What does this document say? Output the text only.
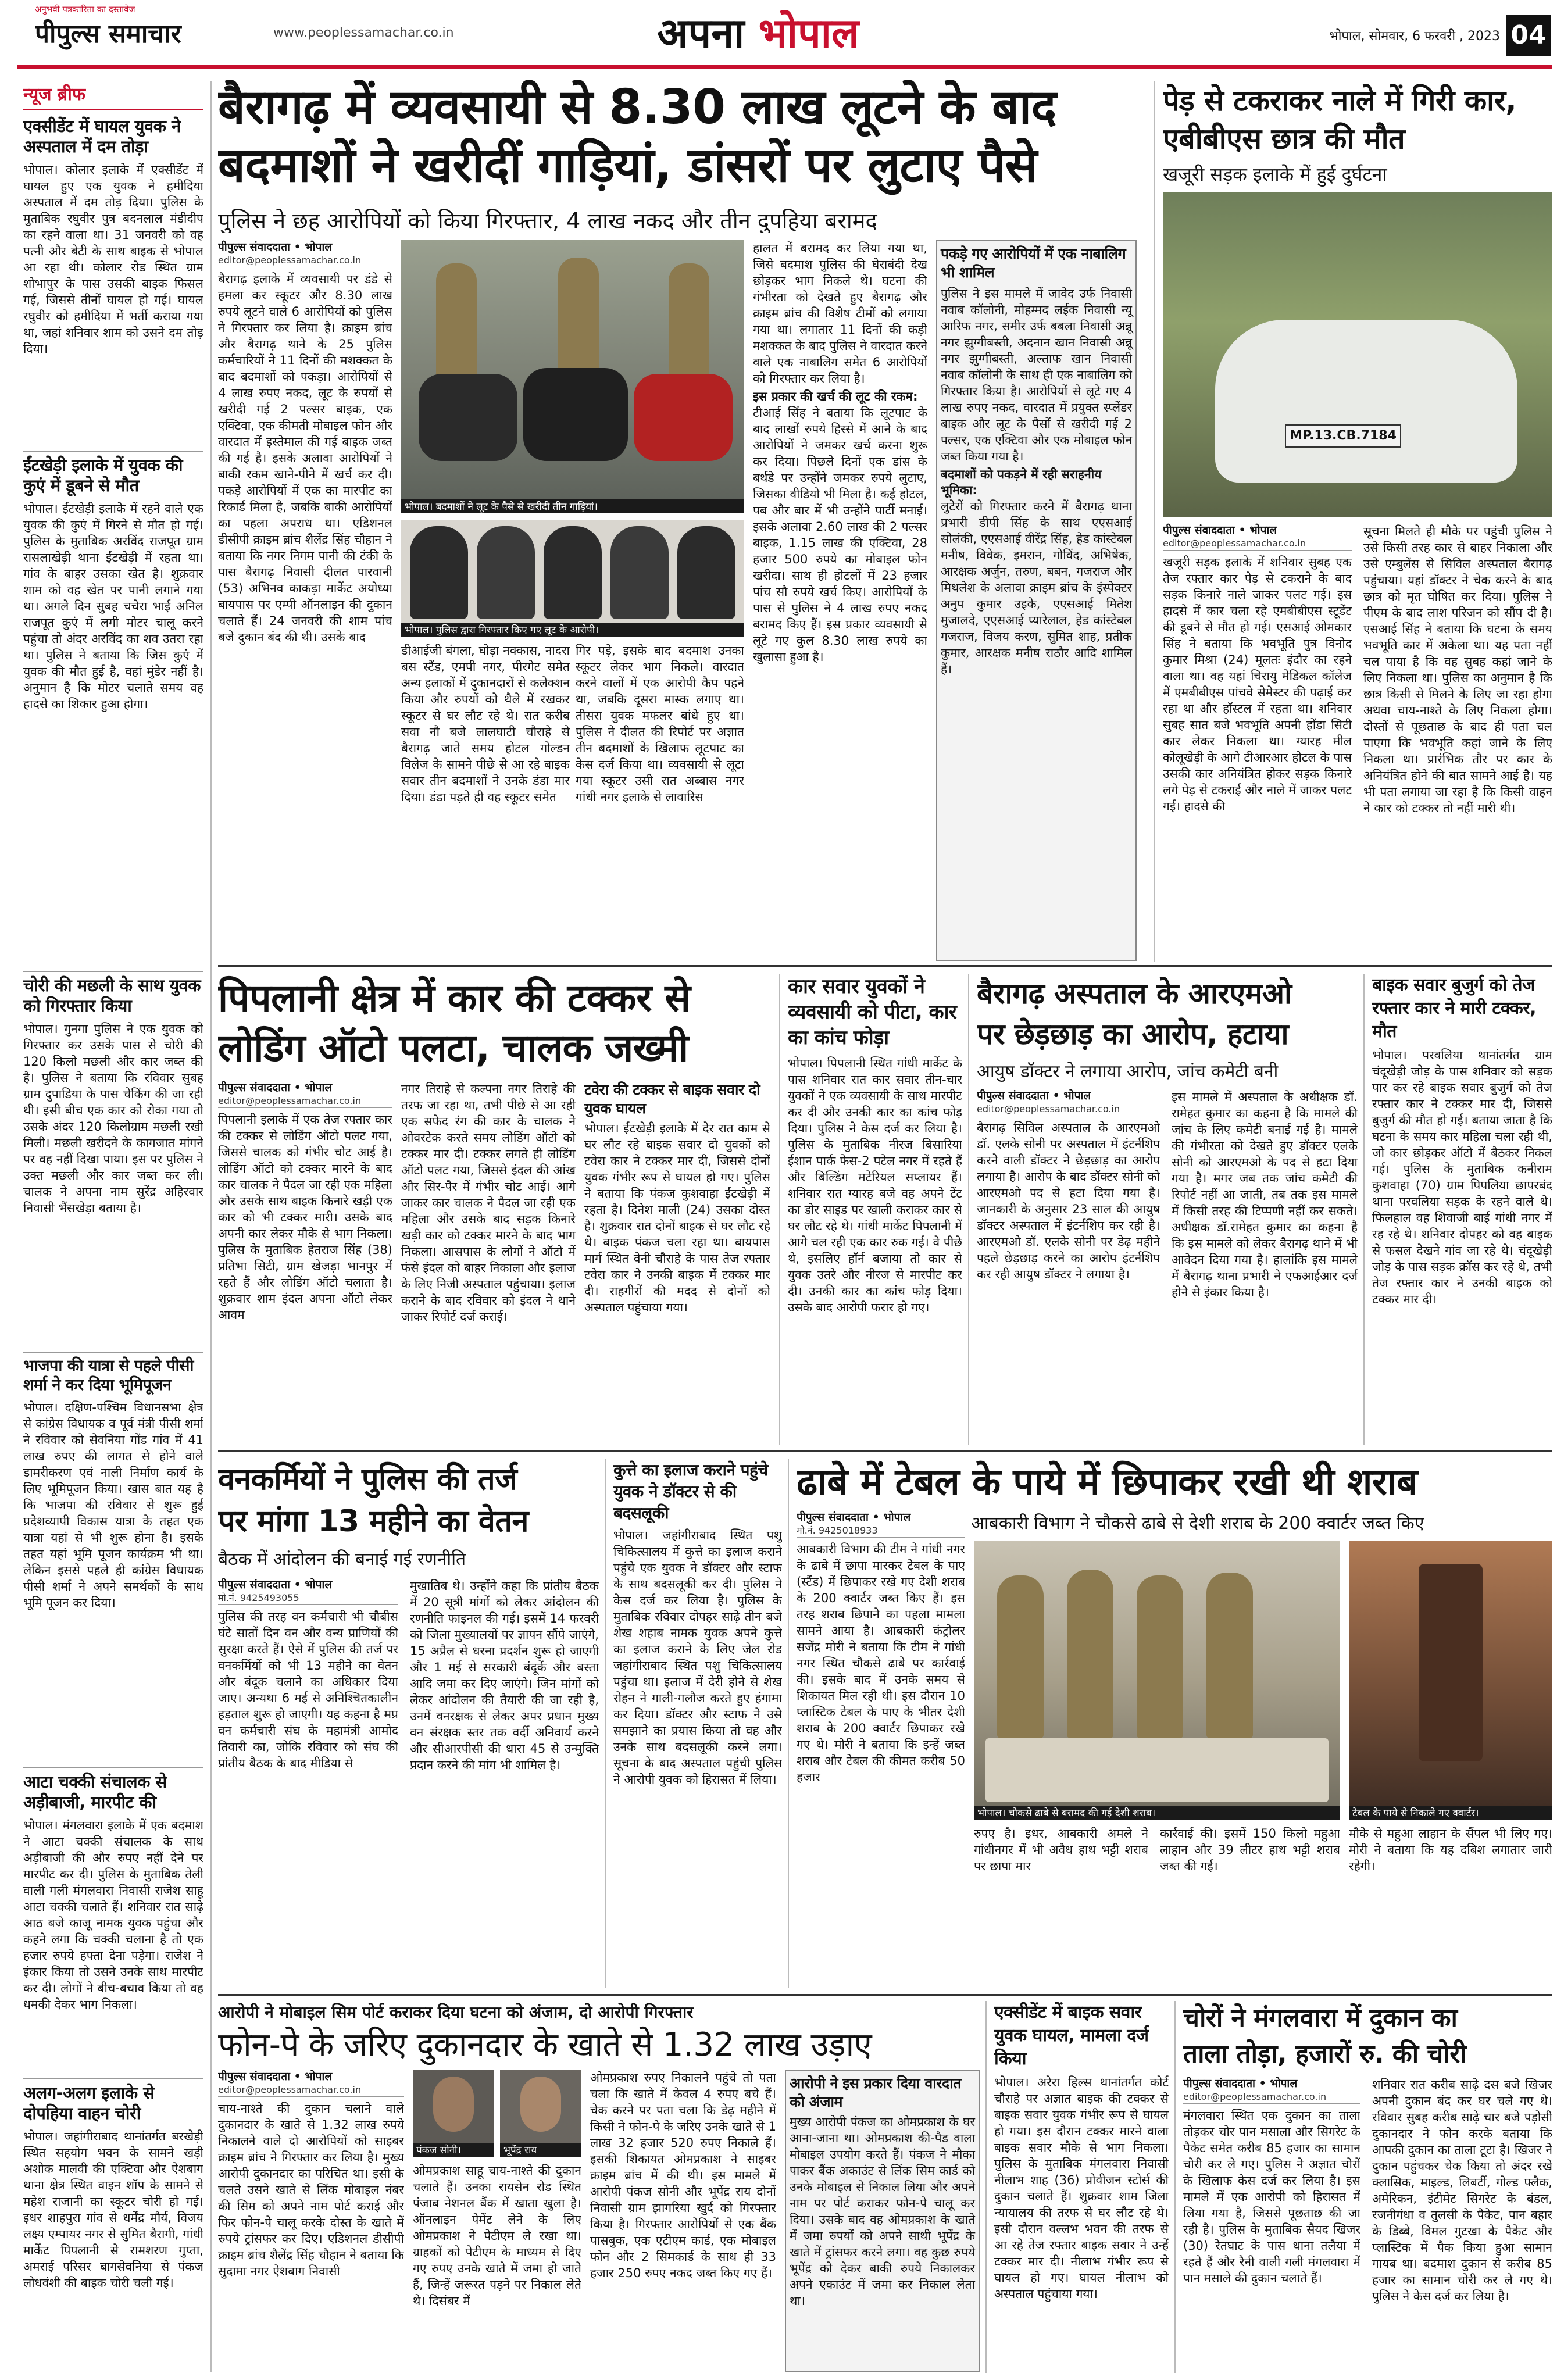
अनुभवी पत्रकारिता का दस्तावेज
पीपुल्स समाचार	www.peoplessamachar.co.in	अपना भोपाल	भोपाल, सोमवार, 6 फरवरी , 2023 04
न्यूज ब्रीफ
एक्सीडेंट में घायल युवक ने अस्पताल में दम तोड़ा

भोपाल। कोलार इलाके में एक्सीडेंट में घायल हुए एक युवक ने हमीदिया अस्पताल में दम तोड़ दिया। पुलिस के मुताबिक रघुवीर पुत्र बदनलाल मंडीदीप का रहने वाला था। 31 जनवरी को वह पत्नी और बेटी के साथ बाइक से भोपाल आ रहा थी। कोलार रोड स्थित ग्राम शोभापुर के पास उसकी बाइक फिसल गई, जिससे तीनों घायल हो गई। घायल रघुवीर को हमीदिया में भर्ती कराया गया था, जहां शनिवार शाम को उसने दम तोड़ दिया।

ईंटखेड़ी इलाके में युवक की कुएं में डूबने से मौत

भोपाल। ईंटखेड़ी इलाके में रहने वाले एक युवक की कुएं में गिरने से मौत हो गई। पुलिस के मुताबिक अरविंद राजपूत ग्राम रासलाखेड़ी थाना ईंटखेड़ी में रहता था। गांव के बाहर उसका खेत है। शुक्रवार शाम को वह खेत पर पानी लगाने गया था। अगले दिन सुबह चचेरा भाई अनिल राजपूत कुएं में लगी मोटर चालू करने पहुंचा तो अंदर अरविंद का शव उतरा रहा था। पुलिस ने बताया कि जिस कुएं में युवक की मौत हुई है, वहां मुंडेर नहीं है। अनुमान है कि मोटर चलाते समय वह हादसे का शिकार हुआ होगा।

चोरी की मछली के साथ युवक को गिरफ्तार किया

भोपाल। गुनगा पुलिस ने एक युवक को गिरफ्तार कर उसके पास से चोरी की 120 किलो मछली और कार जब्त की है। पुलिस ने बताया कि रविवार सुबह ग्राम दुपाडिया के पास चेकिंग की जा रही थी। इसी बीच एक कार को रोका गया तो उसके अंदर 120 किलोग्राम मछली रखी मिली। मछली खरीदने के कागजात मांगने पर वह नहीं दिखा पाया। इस पर पुलिस ने उक्त मछली और कार जब्त कर ली। चालक ने अपना नाम सुरेंद्र अहिरवार निवासी भैंसखेड़ा बताया है।

भाजपा की यात्रा से पहले पीसी शर्मा ने कर दिया भूमिपूजन

भोपाल। दक्षिण-पश्चिम विधानसभा क्षेत्र से कांग्रेस विधायक व पूर्व मंत्री पीसी शर्मा ने रविवार को सेवनिया गोंड गांव में 41 लाख रुपए की लागत से होने वाले डामरीकरण एवं नाली निर्माण कार्य के लिए भूमिपूजन किया। खास बात यह है कि भाजपा की रविवार से शुरू हुई प्रदेशव्यापी विकास यात्रा के तहत एक यात्रा यहां से भी शुरू होना है। इसके तहत यहां भूमि पूजन कार्यक्रम भी था। लेकिन इससे पहले ही कांग्रेस विधायक पीसी शर्मा ने अपने समर्थकों के साथ भूमि पूजन कर दिया।

आटा चक्की संचालक से अड़ीबाजी, मारपीट की

भोपाल। मंगलवारा इलाके में एक बदमाश ने आटा चक्की संचालक के साथ अड़ीबाजी की और रुपए नहीं देने पर मारपीट कर दी। पुलिस के मुताबिक तेली वाली गली मंगलवारा निवासी राजेश साहू आटा चक्की चलाते हैं। शनिवार रात साढ़े आठ बजे काजू नामक युवक पहुंचा और कहने लगा कि चक्की चलाना है तो एक हजार रुपये हफ्ता देना पड़ेगा। राजेश ने इंकार किया तो उसने उनके साथ मारपीट कर दी। लोगों ने बीच-बचाव किया तो वह धमकी देकर भाग निकला।

अलग-अलग इलाके से दोपहिया वाहन चोरी

भोपाल। जहांगीराबाद थानांतर्गत बरखेड़ी स्थित सहयोग भवन के सामने खड़ी अशोक मालवी की एक्टिवा और ऐशबाग थाना क्षेत्र स्थित वाइन शॉप के सामने से महेश राजानी का स्कूटर चोरी हो गई। इधर शाहपुरा गांव से धर्मेंद्र मौर्य, विजय लक्ष्य एम्पायर नगर से सुमित बैरागी, गांधी मार्केट पिपलानी से रामशरण गुप्ता, अमराई परिसर बागसेवनिया से पंकज लोधवंशी की बाइक चोरी चली गई।

बैरागढ़ में व्यवसायी से 8.30 लाख लूटने के बाद
बदमाशों ने खरीदीं गाड़ियां, डांसरों पर लुटाए पैसे
पुलिस ने छह आरोपियों को किया गिरफ्तार, 4 लाख नकद और तीन दुपहिया बरामद
पीपुल्स संवाददाता • भोपाल
editor@peoplessamachar.co.in

बैरागढ़ इलाके में व्यवसायी पर डंडे से हमला कर स्कूटर और 8.30 लाख रुपये लूटने वाले 6 आरोपियों को पुलिस ने गिरफ्तार कर लिया है। क्राइम ब्रांच और बैरागढ़ थाने के 25 पुलिस कर्मचारियों ने 11 दिनों की मशक्कत के बाद बदमाशों को पकड़ा। आरोपियों से 4 लाख रुपए नकद, लूट के रुपयों से खरीदी गई 2 पल्सर बाइक, एक एक्टिवा, एक कीमती मोबाइल फोन और वारदात में इस्तेमाल की गई बाइक जब्त की गई है। इसके अलावा आरोपियों ने बाकी रकम खाने-पीने में खर्च कर दी। पकड़े आरोपियों में एक का मारपीट का रिकार्ड मिला है, जबकि बाकी आरोपियों का पहला अपराध था। एडिशनल डीसीपी क्राइम ब्रांच शैलेंद्र सिंह चौहान ने बताया कि नगर निगम पानी की टंकी के पास बैरागढ़ निवासी दीलत पारवानी (53) अभिनव काकड़ा मार्केट अयोध्या बायपास पर एम्पी ऑनलाइन की दुकान चलाते हैं। 24 जनवरी की शाम पांच बजे दुकान बंद की थी। उसके बाद

भोपाल। बदमाशों ने लूट के पैसे से खरीदी तीन गाड़ियां।
भोपाल। पुलिस द्वारा गिरफ्तार किए गए लूट के आरोपी।

डीआईजी बंगला, घोड़ा नक्कास, नादरा बस स्टैंड, एमपी नगर, पीरगेट समेत अन्य इलाकों में दुकानदारों से कलेक्शन किया और रुपयों को थैले में रखकर स्कूटर से घर लौट रहे थे। रात करीब सवा नौ बजे लालघाटी चौराहे से बैरागढ़ जाते समय होटल गोल्डन विलेज के सामने पीछे से आ रहे बाइक सवार तीन बदमाशों ने उनके डंडा मार दिया। डंडा पड़ते ही वह स्कूटर समेत

गिर पड़े, इसके बाद बदमाश उनका स्कूटर लेकर भाग निकले। वारदात करने वालों में एक आरोपी कैप पहने था, जबकि दूसरा मास्क लगाए था। तीसरा युवक मफलर बांधे हुए था। पुलिस ने दीलत की रिपोर्ट पर अज्ञात तीन बदमाशों के खिलाफ लूटपाट का केस दर्ज किया था। व्यवसायी से लूटा गया स्कूटर उसी रात अब्बास नगर गांधी नगर इलाके से लावारिस

हालत में बरामद कर लिया गया था, जिसे बदमाश पुलिस की घेराबंदी देख छोड़कर भाग निकले थे। घटना की गंभीरता को देखते हुए बैरागढ़ और क्राइम ब्रांच की विशेष टीमों को लगाया गया था। लगातार 11 दिनों की कड़ी मशक्कत के बाद पुलिस ने वारदात करने वाले एक नाबालिग समेत 6 आरोपियों को गिरफ्तार कर लिया है।

इस प्रकार की खर्च की लूट की रकम:

टीआई सिंह ने बताया कि लूटपाट के बाद लाखों रुपये हिस्से में आने के बाद आरोपियों ने जमकर खर्च करना शुरू कर दिया। पिछले दिनों एक डांस के बर्थडे पर उन्होंने जमकर रुपये लुटाए, जिसका वीडियो भी मिला है। कई होटल, पब और बार में भी उन्होंने पार्टी मनाई। इसके अलावा 2.60 लाख की 2 पल्सर बाइक, 1.15 लाख की एक्टिवा, 28 हजार 500 रुपये का मोबाइल फोन खरीदा। साथ ही होटलों में 23 हजार पांच सौ रुपये खर्च किए। आरोपियों के पास से पुलिस ने 4 लाख रुपए नकद बरामद किए हैं। इस प्रकार व्यवसायी से लूटे गए कुल 8.30 लाख रुपये का खुलासा हुआ है।

पकड़े गए आरोपियों में एक नाबालिग भी शामिल

पुलिस ने इस मामले में जावेद उर्फ निवासी नवाब कॉलोनी, मोहम्मद लईक निवासी न्यू आरिफ नगर, समीर उर्फ बबला निवासी अन्नू नगर झुग्गीबस्ती, अदनान खान निवासी अन्नू नगर झुग्गीबस्ती, अल्ताफ खान निवासी नवाब कॉलोनी के साथ ही एक नाबालिग को गिरफ्तार किया है। आरोपियों से लूटे गए 4 लाख रुपए नकद, वारदात में प्रयुक्त स्प्लेंडर बाइक और लूट के पैसों से खरीदी गई 2 पल्सर, एक एक्टिवा और एक मोबाइल फोन जब्त किया गया है।

बदमाशों को पकड़ने में रही सराहनीय भूमिका:

लुटेरों को गिरफ्तार करने में बैरागढ़ थाना प्रभारी डीपी सिंह के साथ एएसआई सोलंकी, एएसआई वीरेंद्र सिंह, हेड कांस्टेबल मनीष, विवेक, इमरान, गोविंद, अभिषेक, आरक्षक अर्जुन, तरुण, बबन, गजराज और मिथलेश के अलावा क्राइम ब्रांच के इंस्पेक्टर अनुप कुमार उइके, एएसआई मितेश मुजालदे, एएसआई प्यारेलाल, हेड कांस्टेबल गजराज, विजय करण, सुमित शाह, प्रतीक कुमार, आरक्षक मनीष राठौर आदि शामिल हैं।

पेड़ से टकराकर नाले में गिरी कार, एबीबीएस छात्र की मौत
खजूरी सड़क इलाके में हुई दुर्घटना
MP.13.CB.7184
पीपुल्स संवाददाता • भोपाल
editor@peoplessamachar.co.in

खजूरी सड़क इलाके में शनिवार सुबह एक तेज रफ्तार कार पेड़ से टकराने के बाद सड़क किनारे नाले जाकर पलट गई। इस हादसे में कार चला रहे एमबीबीएस स्टूडेंट की डूबने से मौत हो गई। एसआई ओमकार सिंह ने बताया कि भवभूति पुत्र विनोद कुमार मिश्रा (24) मूलतः इंदौर का रहने वाला था। वह यहां चिरायु मेडिकल कॉलेज में एमबीबीएस पांचवे सेमेस्टर की पढ़ाई कर रहा था और हॉस्टल में रहता था। शनिवार सुबह सात बजे भवभूति अपनी होंडा सिटी कार लेकर निकला था। ग्यारह मील कोलूखेड़ी के आगे टीआरआर होटल के पास उसकी कार अनियंत्रित होकर सड़क किनारे लगे पेड़ से टकराई और नाले में जाकर पलट गई। हादसे की

सूचना मिलते ही मौके पर पहुंची पुलिस ने उसे किसी तरह कार से बाहर निकाला और उसे एम्बुलेंस से सिविल अस्पताल बैरागढ़ पहुंचाया। यहां डॉक्टर ने चेक करने के बाद छात्र को मृत घोषित कर दिया। पुलिस ने पीएम के बाद लाश परिजन को सौंप दी है। एसआई सिंह ने बताया कि घटना के समय भवभूति कार में अकेला था। यह पता नहीं चल पाया है कि वह सुबह कहां जाने के लिए निकला था। पुलिस का अनुमान है कि छात्र किसी से मिलने के लिए जा रहा होगा अथवा चाय-नाश्ते के लिए निकला होगा। दोस्तों से पूछताछ के बाद ही पता चल पाएगा कि भवभूति कहां जाने के लिए निकला था। प्रारंभिक तौर पर कार के अनियंत्रित होने की बात सामने आई है। यह भी पता लगाया जा रहा है कि किसी वाहन ने कार को टक्कर तो नहीं मारी थी।

पिपलानी क्षेत्र में कार की टक्कर से
लोडिंग ऑटो पलटा, चालक जख्मी
पीपुल्स संवाददाता • भोपाल
editor@peoplessamachar.co.in

पिपलानी इलाके में एक तेज रफ्तार कार की टक्कर से लोडिंग ऑटो पलट गया, जिससे चालक को गंभीर चोट आई है। लोडिंग ऑटो को टक्कर मारने के बाद कार चालक ने पैदल जा रही एक महिला और उसके साथ बाइक किनारे खड़ी एक कार को भी टक्कर मारी। उसके बाद अपनी कार लेकर मौके से भाग निकला। पुलिस के मुताबिक हेतराज सिंह (38) प्रतिभा सिटी, ग्राम खेजड़ा भानपुर में रहते हैं और लोडिंग ऑटो चलाता है। शुक्रवार शाम इंदल अपना ऑटो लेकर आवम

नगर तिराहे से कल्पना नगर तिराहे की तरफ जा रहा था, तभी पीछे से आ रही एक सफेद रंग की कार के चालक ने ओवरटेक करते समय लोडिंग ऑटो को टक्कर मार दी। टक्कर लगते ही लोडिंग ऑटो पलट गया, जिससे इंदल की आंख और सिर-पैर में गंभीर चोट आई। आगे जाकर कार चालक ने पैदल जा रही एक महिला और उसके बाद सड़क किनारे खड़ी कार को टक्कर मारने के बाद भाग निकला। आसपास के लोगों ने ऑटो में फंसे इंदल को बाहर निकाला और इलाज के लिए निजी अस्पताल पहुंचाया। इलाज कराने के बाद रविवार को इंदल ने थाने जाकर रिपोर्ट दर्ज कराई।

टवेरा की टक्कर से बाइक सवार दो युवक घायल

भोपाल। ईंटखेड़ी इलाके में देर रात काम से घर लौट रहे बाइक सवार दो युवकों को टवेरा कार ने टक्कर मार दी, जिससे दोनों युवक गंभीर रूप से घायल हो गए। पुलिस ने बताया कि पंकज कुशवाहा ईंटखेड़ी में रहता है। दिनेश माली (24) उसका दोस्त है। शुक्रवार रात दोनों बाइक से घर लौट रहे थे। बाइक पंकज चला रहा था। बायपास मार्ग स्थित वेनी चौराहे के पास तेज रफ्तार टवेरा कार ने उनकी बाइक में टक्कर मार दी। राहगीरों की मदद से दोनों को अस्पताल पहुंचाया गया।

कार सवार युवकों ने व्यवसायी को पीटा, कार का कांच फोड़ा

भोपाल। पिपलानी स्थित गांधी मार्केट के पास शनिवार रात कार सवार तीन-चार युवकों ने एक व्यवसायी के साथ मारपीट कर दी और उनकी कार का कांच फोड़ दिया। पुलिस ने केस दर्ज कर लिया है। पुलिस के मुताबिक नीरज बिसारिया ईशान पार्क फेस-2 पटेल नगर में रहते हैं और बिल्डिंग मटेरियल सप्लायर हैं। शनिवार रात ग्यारह बजे वह अपने टेंट का डोर साइड पर खाली कराकर कार से घर लौट रहे थे। गांधी मार्केट पिपलानी में आगे चल रही एक कार रुक गई। वे पीछे थे, इसलिए हॉर्न बजाया तो कार से युवक उतरे और नीरज से मारपीट कर दी। उनकी कार का कांच फोड़ दिया। उसके बाद आरोपी फरार हो गए।

बैरागढ़ अस्पताल के आरएमओ
पर छेड़छाड़ का आरोप, हटाया
आयुष डॉक्टर ने लगाया आरोप, जांच कमेटी बनी
पीपुल्स संवाददाता • भोपाल
editor@peoplessamachar.co.in

बैरागढ़ सिविल अस्पताल के आरएमओ डॉ. एलके सोनी पर अस्पताल में इंटर्नशिप करने वाली डॉक्टर ने छेड़छाड़ का आरोप लगाया है। आरोप के बाद डॉक्टर सोनी को आरएमओ पद से हटा दिया गया है। जानकारी के अनुसार 23 साल की आयुष डॉक्टर अस्पताल में इंटर्नशिप कर रही है। आरएमओ डॉ. एलके सोनी पर डेढ़ महीने पहले छेड़छाड़ करने का आरोप इंटर्नशिप कर रही आयुष डॉक्टर ने लगाया है।

इस मामले में अस्पताल के अधीक्षक डॉ. रामेहत कुमार का कहना है कि मामले की जांच के लिए कमेटी बनाई गई है। मामले की गंभीरता को देखते हुए डॉक्टर एलके सोनी को आरएमओ के पद से हटा दिया गया है। मगर जब तक जांच कमेटी की रिपोर्ट नहीं आ जाती, तब तक इस मामले में किसी तरह की टिप्पणी नहीं कर सकते। अधीक्षक डॉ.रामेहत कुमार का कहना है कि इस मामले को लेकर बैरागढ़ थाने में भी आवेदन दिया गया है। हालांकि इस मामले में बैरागढ़ थाना प्रभारी ने एफआईआर दर्ज होने से इंकार किया है।

बाइक सवार बुजुर्ग को तेज रफ्तार कार ने मारी टक्कर, मौत

भोपाल। परवलिया थानांतर्गत ग्राम चंदूखेड़ी जोड़ के पास शनिवार को सड़क पार कर रहे बाइक सवार बुजुर्ग को तेज रफ्तार कार ने टक्कर मार दी, जिससे बुजुर्ग की मौत हो गई। बताया जाता है कि घटना के समय कार महिला चला रही थी, जो कार छोड़कर ऑटो में बैठकर निकल गई। पुलिस के मुताबिक कनीराम कुशवाहा (70) ग्राम पिपलिया छापरबंद थाना परवलिया सड़क के रहने वाले थे। फिलहाल वह शिवाजी बाई गांधी नगर में रह रहे थे। शनिवार दोपहर को वह बाइक से फसल देखने गांव जा रहे थे। चंदूखेड़ी जोड़ के पास सड़क क्रॉस कर रहे थे, तभी तेज रफ्तार कार ने उनकी बाइक को टक्कर मार दी।

वनकर्मियों ने पुलिस की तर्ज
पर मांगा 13 महीने का वेतन
बैठक में आंदोलन की बनाई गई रणनीति
पीपुल्स संवाददाता • भोपाल
मो.नं. 9425493055

पुलिस की तरह वन कर्मचारी भी चौबीस घंटे सातों दिन वन और वन्य प्राणियों की सुरक्षा करते हैं। ऐसे में पुलिस की तर्ज पर वनकर्मियों को भी 13 महीने का वेतन और बंदूक चलाने का अधिकार दिया जाए। अन्यथा 6 मई से अनिश्चितकालीन हड़ताल शुरू हो जाएगी। यह कहना है मप्र वन कर्मचारी संघ के महामंत्री आमोद तिवारी का, जोकि रविवार को संघ की प्रांतीय बैठक के बाद मीडिया से

मुखातिब थे। उन्होंने कहा कि प्रांतीय बैठक में 20 सूत्री मांगों को लेकर आंदोलन की रणनीति फाइनल की गई। इसमें 14 फरवरी को जिला मुख्यालयों पर ज्ञापन सौंपे जाएंगे, 15 अप्रैल से धरना प्रदर्शन शुरू हो जाएगी और 1 मई से सरकारी बंदूकें और बस्ता आदि जमा कर दिए जाएंगे। जिन मांगों को लेकर आंदोलन की तैयारी की जा रही है, उनमें वनरक्षक से लेकर अपर प्रधान मुख्य वन संरक्षक स्तर तक वर्दी अनिवार्य करने और सीआरपीसी की धारा 45 से उन्मुक्ति प्रदान करने की मांग भी शामिल है।

कुत्ते का इलाज कराने पहुंचे युवक ने डॉक्टर से की बदसलूकी

भोपाल। जहांगीराबाद स्थित पशु चिकित्सालय में कुत्ते का इलाज कराने पहुंचे एक युवक ने डॉक्टर और स्टाफ के साथ बदसलूकी कर दी। पुलिस ने केस दर्ज कर लिया है। पुलिस के मुताबिक रविवार दोपहर साढ़े तीन बजे शेख शहाब नामक युवक अपने कुत्ते का इलाज कराने के लिए जेल रोड जहांगीराबाद स्थित पशु चिकित्सालय पहुंचा था। इलाज में देरी होने से शेख रोहन ने गाली-गलौज करते हुए हंगामा कर दिया। डॉक्टर और स्टाफ ने उसे समझाने का प्रयास किया तो वह और उनके साथ बदसलूकी करने लगा। सूचना के बाद अस्पताल पहुंची पुलिस ने आरोपी युवक को हिरासत में लिया।

ढाबे में टेबल के पाये में छिपाकर रखी थी शराब
आबकारी विभाग ने चौकसे ढाबे से देशी शराब के 200 क्वार्टर जब्त किए
पीपुल्स संवाददाता • भोपाल
मो.नं. 9425018933

आबकारी विभाग की टीम ने गांधी नगर के ढाबे में छापा मारकर टेबल के पाए (स्टैंड) में छिपाकर रखे गए देशी शराब के 200 क्वार्टर जब्त किए हैं। इस तरह शराब छिपाने का पहला मामला सामने आया है। आबकारी कंट्रोलर सजेंद्र मोरी ने बताया कि टीम ने गांधी नगर स्थित चौकसे ढाबे पर कार्रवाई की। इसके बाद में उनके समय से शिकायत मिल रही थी। इस दौरान 10 प्लास्टिक टेबल के पाए के भीतर देशी शराब के 200 क्वार्टर छिपाकर रखे गए थे। मोरी ने बताया कि इन्हें जब्त शराब और टेबल की कीमत करीब 50 हजार

भोपाल। चौकसे ढाबे से बरामद की गई देशी शराब।	टेबल के पाये से निकाले गए क्वार्टर।

रुपए है। इधर, आबकारी अमले ने गांधीनगर में भी अवैध हाथ भट्टी शराब पर छापा मार

कार्रवाई की। इसमें 150 किलो महुआ लाहान और 39 लीटर हाथ भट्टी शराब जब्त की गई।

मौके से महुआ लाहान के सैंपल भी लिए गए। मोरी ने बताया कि यह दबिश लगातार जारी रहेगी।

आरोपी ने मोबाइल सिम पोर्ट कराकर दिया घटना को अंजाम, दो आरोपी गिरफ्तार
फोन-पे के जरिए दुकानदार के खाते से 1.32 लाख उड़ाए
पीपुल्स संवाददाता • भोपाल
editor@peoplessamachar.co.in

चाय-नाश्ते की दुकान चलाने वाले दुकानदार के खाते से 1.32 लाख रुपये निकालने वाले दो आरोपियों को साइबर क्राइम ब्रांच ने गिरफ्तार कर लिया है। मुख्य आरोपी दुकानदार का परिचित था। इसी के चलते उसने खाते से लिंक मोबाइल नंबर की सिम को अपने नाम पोर्ट कराई और फिर फोन-पे चालू करके दोस्त के खाते में रुपये ट्रांसफर कर दिए। एडिशनल डीसीपी क्राइम ब्रांच शैलेंद्र सिंह चौहान ने बताया कि सुदामा नगर ऐशबाग निवासी

पंकज सोनी।	भूपेंद्र राय

ओमप्रकाश साहू चाय-नाश्ते की दुकान चलाते हैं। उनका रायसेन रोड स्थित पंजाब नेशनल बैंक में खाता खुला है। ऑनलाइन पेमेंट लेने के लिए ओमप्रकाश ने पेटीएम ले रखा था। ग्राहकों को पेटीएम के माध्यम से दिए गए रुपए उनके खाते में जमा हो जाते हैं, जिन्हें जरूरत पड़ने पर निकाल लेते थे। दिसंबर में

ओमप्रकाश रुपए निकालने पहुंचे तो पता चला कि खाते में केवल 4 रुपए बचे हैं। चेक करने पर पता चला कि डेढ़ महीने में किसी ने फोन-पे के जरिए उनके खाते से 1 लाख 32 हजार 520 रुपए निकाले हैं। इसकी शिकायत ओमप्रकाश ने साइबर क्राइम ब्रांच में की थी। इस मामले में आरोपी पंकज सोनी और भूपेंद्र राय दोनों निवासी ग्राम झागरिया खुर्द को गिरफ्तार किया है। गिरफ्तार आरोपियों से एक बैंक पासबुक, एक एटीएम कार्ड, एक मोबाइल फोन और 2 सिमकार्ड के साथ ही 33 हजार 250 रुपए नकद जब्त किए गए हैं।

आरोपी ने इस प्रकार दिया वारदात को अंजाम

मुख्य आरोपी पंकज का ओमप्रकाश के घर आना-जाना था। ओमप्रकाश की-पैड वाला मोबाइल उपयोग करते हैं। पंकज ने मौका पाकर बैंक अकाउंट से लिंक सिम कार्ड को उनके मोबाइल से निकाल लिया और अपने नाम पर पोर्ट कराकर फोन-पे चालू कर दिया। उसके बाद वह ओमप्रकाश के खाते में जमा रुपयों को अपने साथी भूपेंद्र के खाते में ट्रांसफर करने लगा। वह कुछ रुपये भूपेंद्र को देकर बाकी रुपये निकालकर अपने एकाउंट में जमा कर निकाल लेता था।

एक्सीडेंट में बाइक सवार युवक घायल, मामला दर्ज किया

भोपाल। अरेरा हिल्स थानांतर्गत कोर्ट चौराहे पर अज्ञात बाइक की टक्कर से बाइक सवार युवक गंभीर रूप से घायल हो गया। इस दौरान टक्कर मारने वाला बाइक सवार मौके से भाग निकला। पुलिस के मुताबिक मंगलवारा निवासी नीलाभ शाह (36) प्रोवीजन स्टोर्स की दुकान चलाते हैं। शुक्रवार शाम जिला न्यायालय की तरफ से घर लौट रहे थे। इसी दौरान वल्लभ भवन की तरफ से आ रहे तेज रफ्तार बाइक सवार ने उन्हें टक्कर मार दी। नीलाभ गंभीर रूप से घायल हो गए। घायल नीलाभ को अस्पताल पहुंचाया गया।

चोरों ने मंगलवारा में दुकान का
ताला तोड़ा, हजारों रु. की चोरी
पीपुल्स संवाददाता • भोपाल
editor@peoplessamachar.co.in

मंगलवारा स्थित एक दुकान का ताला तोड़कर चोर पान मसाला और सिगरेट के पैकेट समेत करीब 85 हजार का सामान चोरी कर ले गए। पुलिस ने अज्ञात चोरों के खिलाफ केस दर्ज कर लिया है। इस मामले में एक आरोपी को हिरासत में लिया गया है, जिससे पूछताछ की जा रही है। पुलिस के मुताबिक सैयद खिजर (30) रेतघाट के पास थाना तलैया में रहते हैं और रैनी वाली गली मंगलवारा में पान मसाले की दुकान चलाते हैं।

शनिवार रात करीब साढ़े दस बजे खिजर अपनी दुकान बंद कर घर चले गए थे। रविवार सुबह करीब साढ़े चार बजे पड़ोसी दुकानदार ने फोन करके बताया कि आपकी दुकान का ताला टूटा है। खिजर ने दुकान पहुंचकर चेक किया तो अंदर रखे क्लासिक, माइल्ड, लिबर्टी, गोल्ड फ्लैक, अमेरिकन, इंटीमेट सिगरेट के बंडल, रजनीगंधा व तुलसी के पैकेट, पान बहार के डिब्बे, विमल गुटखा के पैकेट और प्लास्टिक में पैक किया हुआ सामान गायब था। बदमाश दुकान से करीब 85 हजार का सामान चोरी कर ले गए थे। पुलिस ने केस दर्ज कर लिया है।
